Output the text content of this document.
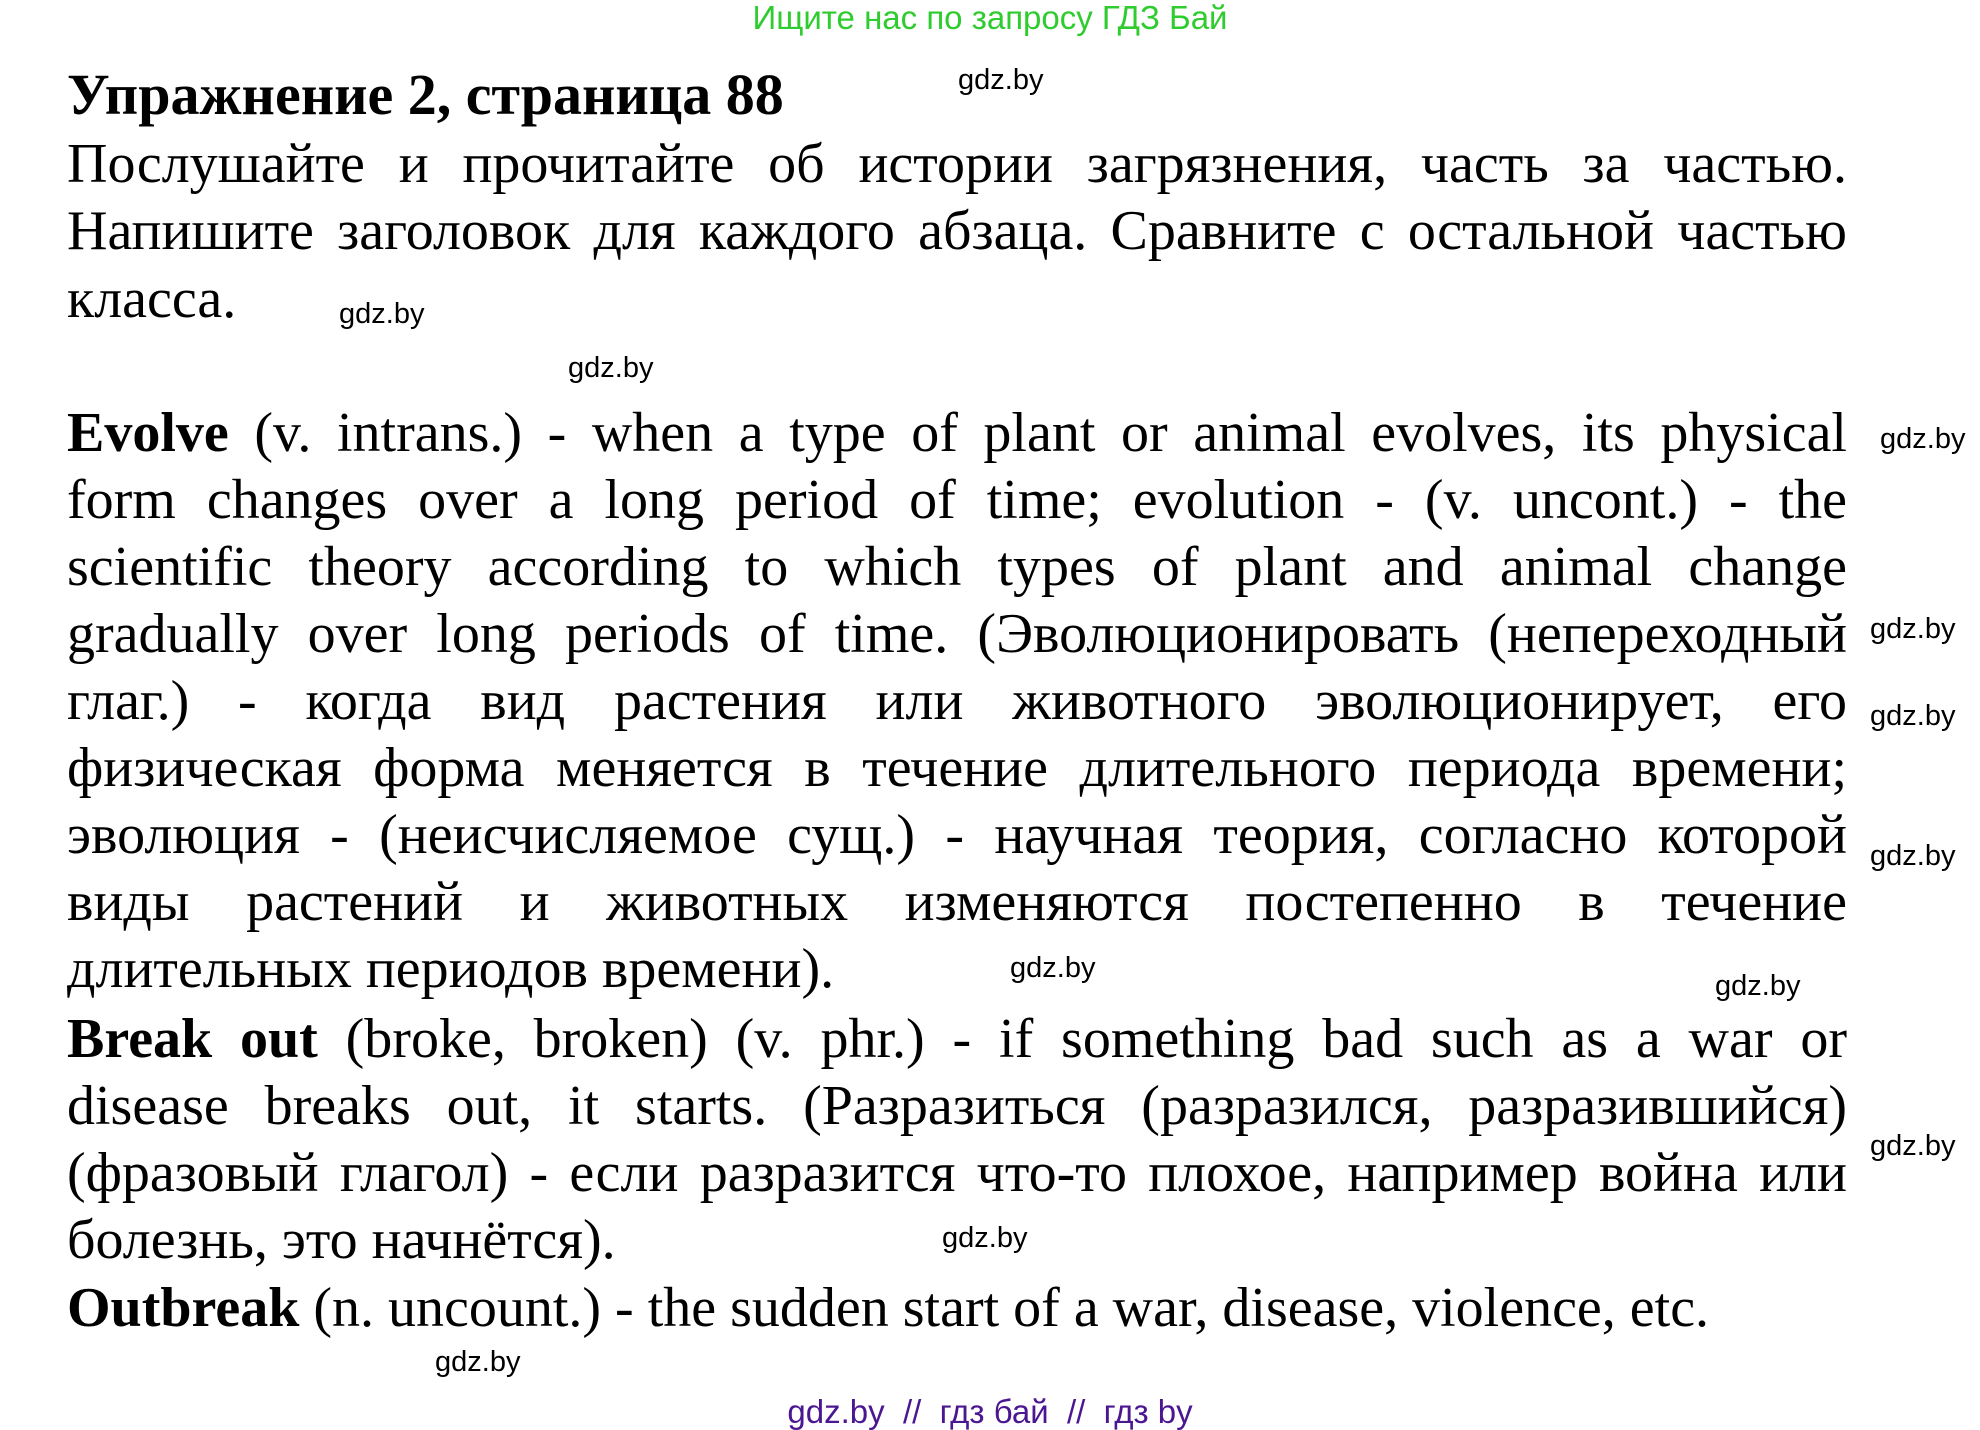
Ищите нас по запросу ГДЗ Бай
Упражнение 2, страница 88
Послушайте и прочитайте об истории загрязнения, часть за частью.
Напишите заголовок для каждого абзаца. Сравните с остальной частью
класса.
Evolve (v. intrans.) - when a type of plant or animal evolves, its physical
form changes over a long period of time; evolution - (v. uncont.) - the
scientific theory according to which types of plant and animal change
gradually over long periods of time. (Эволюционировать (непереходный
глаг.) - когда вид растения или животного эволюционирует, его
физическая форма меняется в течение длительного периода времени;
эволюция - (неисчисляемое сущ.) - научная теория, согласно которой
виды растений и животных изменяются постепенно в течение
длительных периодов времени).
Break out (broke, broken) (v. phr.) - if something bad such as a war or
disease breaks out, it starts. (Разразиться (разразился, разразившийся)
(фразовый глагол) - если разразится что-то плохое, например война или
болезнь, это начнётся).
Outbreak (n. uncount.) - the sudden start of a war, disease, violence, etc.
gdz.by
gdz.by
gdz.by
gdz.by
gdz.by
gdz.by
gdz.by
gdz.by
gdz.by
gdz.by
gdz.by
gdz.by
gdz.by  //  гдз бай  //  гдз by
